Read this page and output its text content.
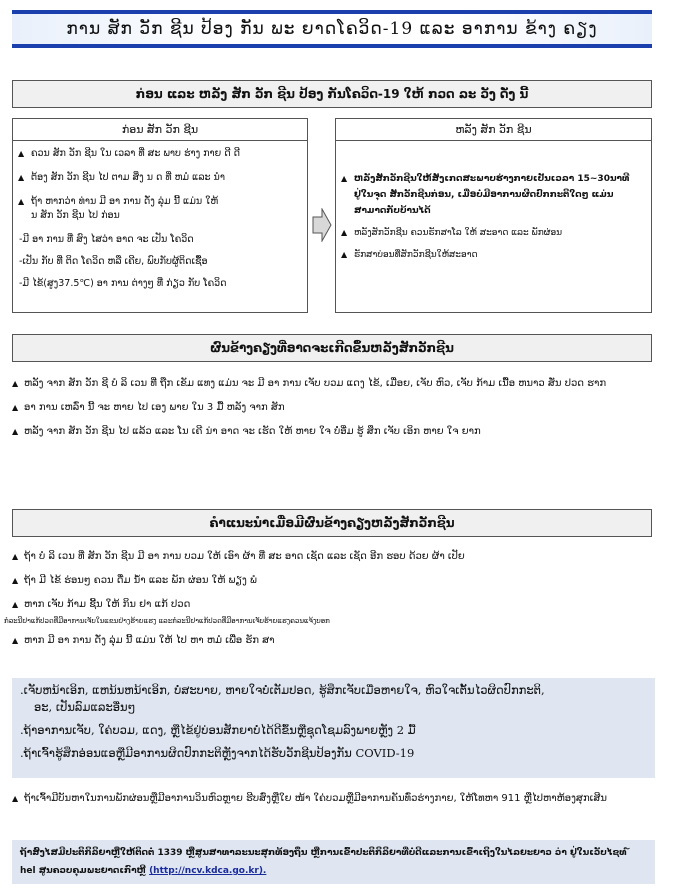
ການ ສັກ ວັກ ຊີນ ປ້ອງ ກັນ ພະ ຍາດໂຄວິດ-19 ແລະ ອາການ ຂ້າງ ຄຽງ
ກ່ອນ ແລະ ຫລັງ ສັກ ວັກ ຊີນ ປ້ອງ ກັນໂຄວິດ-19 ໃຫ້ ກວດ ລະ ວັງ ດັ່ງ ນີ້
ກ່ອນ ສັກ ວັກ ຊີນ
▲ ຄວນ ສັກ ວັກ ຊີນ ໃນ ເວລາ ທີ່ ສະ ພາບ ຮ່າງ ກາຍ ດີ ດີ
▲ ຕ້ອງ ສັກ ວັກ ຊີນ ໄປ ຕາມ ສິ່ງ ນ ດ ທີ່ ຫມໍ ແລະ ນຳ
▲ ຖ້າ ຫາກວ່າ ທ່ານ ມີ ອາ ການ ດັ່ງ ລຸ່ມ ນີ້ ແມ່ນ ໃຫ້
ນ ສັກ ວັກ ຊີນ ໄປ ກ່ອນ
-ມີ ອາ ການ ທີ່ ສົງ ໄສວ່າ ອາດ ຈະ ເປັນ ໂຄວິດ
-ເປັນ ກັບ ທີ່ ຕິດ ໂຄວິດ ຫລື ເຄີຍ, ພົບກັບຜູ້ຕິດເຊື້ອ
-ມີ ໄຂ້(ສູງ37.5℃) ອາ ການ ຕ່າງໆ ທີ່ ກ່ຽວ ກັບ ໂຄວິດ
ຫລັງ ສັກ ວັກ ຊີນ
▲ ຫລັງສັກວັກຊີນໃຫ້ສັງເກດສະພາບຮ່າງກາຍເປັນເວລາ 15~30ນາທີຢູ່ໃນຈຸດ ສັກວັກຊີນກ່ອນ, ເມື່ອບໍ່ມີອາການຜິດປົກກະຕິໃດໆ ແມ່ນສາມາດກັບບ້ານໄດ້
▲ ຫລັງສັກວັກຊີນ ຄວນຮັກສາໂລ ໃຫ້ ສະອາດ ແລະ ພັກຜ່ອນ
▲ ຮັກສາບ່ອນທີ່ສັກວັກຊີນໃຫ້ສະອາດ
ຜົນຂ້າງຄຽງທີ່ອາດຈະເກີດຂຶ້ນຫລັງສັກວັກຊີນ
▲ ຫລັງ ຈາກ ສັກ ວັກ ຊີ ບໍ ລິ ເວນ ທີ່ ຖືກ ເຂັມ ແທງ ແມ່ນ ຈະ ມີ ອາ ການ ເຈັບ ບວມ ແດງ ໄຂ້, ເມື່ອຍ, ເຈັບ ຫົວ, ເຈັບ ກ້າມ ເນື້ອ ຫນາວ ສັ່ນ ປວດ ຮາກ
▲ ອາ ການ ເຫລົ່າ ນີ້ ຈະ ຫາຍ ໄປ ເອງ ພາຍ ໃນ 3 ມື້ ຫລັງ ຈາກ ສັກ
▲ ຫລັງ ຈາກ ສັກ ວັກ ຊີນ ໄປ ແລ້ວ ແລະ ໂນ ເຄີ ນ່າ ອາດ ຈະ ເຮັດ ໃຫ້ ຫາຍ ໃຈ ບໍ່ອີ່ມ ຮູ້ ສຶກ ເຈັບ ເອິກ ຫາຍ ໃຈ ຍາກ
ຄຳແນະນຳເມື່ອມີຜົນຂ້າງຄຽງຫລັງສັກວັກຊີນ
▲ ຖ້າ ບໍ ລິ ເວນ ທີ່ ສັກ ວັກ ຊີນ ມີ ອາ ການ ບວມ ໃຫ້ ເອົາ ຜ້າ ທີ່ ສະ ອາດ ເຊັດ ແລະ ເຊັດ ອີກ ຮອບ ດ້ວຍ ຜ້າ ເປັຍ
▲ ຖ້າ ມີ ໄຂ້ ຮ່ອນໆ ຄວນ ດື່ມ ນ້ຳ ແລະ ພັກ ຜ່ອນ ໃຫ້ ພຽງ ພໍ
▲ ຫາກ ເຈັບ ກ້າມ ຊີ້ນ ໃຫ້ ກິນ ຢາ ແກ້ ປວດ
ກໍລະນີຢາແກ້ປວດທີ່ມີອາການເຈັບໃນແຂນຢ່າງຮ້າຍແຮງ ແລະກໍລະນີຢາແກ້ປວດທີ່ມີອາການເຈັບຮ້າຍແຮງຄວນແຈ້ງບອກ
▲ ຫາກ ມີ ອາ ການ ດັ່ງ ລຸ່ມ ນີ້ ແມ່ນ ໃຫ້ ໄປ ຫາ ຫມໍ ເພື່ອ ຮັກ ສາ
.ເຈັບຫນ້າເອິກ, ແຫນ້ນຫນ້າເອິກ, ບໍ່ສະບາຍ, ຫາຍໃຈບໍ່ເຕັມປອດ, ຮູ້ສຶກເຈັບເມື່ອຫາຍໃຈ, ຫົວໃຈເຕັ້ນໄວຜິດປົກກະຕິ,
ອະ, ເປັນລົມແລະອື່ນໆ
.ຖ້າອາການເຈັບ, ໃຄ່ບວມ, ແດງ, ຫຼືໄຂ້ຢູ່ບ່ອນສັກຍາບໍ່ໄດ້ດີຂຶ້ນຫຼືຊຸດໂຊມລົງພາຍຫຼັງ 2 ມື້
.ຖ້າເຈົ້າຮູ້ສຶກອ່ອນແອຫຼືມີອາການຜິດປົກກະຕິຫຼັງຈາກໄດ້ຮັບວັກຊີນປ້ອງກັນ COVID-19
▲ ຖ້າເຈົ້າມີບັນຫາໃນການພັກຜ່ອນຫຼືມີອາການວິນຫົວຫຼາຍ ຮີບສົ່ງຫຼືໃຍ ໜ້າ ໃຄ່ບວມຫຼືມີອາການຄັນທົ່ວຮ່າງກາຍ, ໃຫ້ໂທຫາ 911 ຫຼືໄປຫາຫ້ອງສຸກເສີນ
ຖ້າສົງໄສມີປະຕິກິລິຍາຫຼືໃຫ້ຕິດຕໍ່ 1339 ຫຼືສູນສາທາລະນະສຸກທ້ອງຖິ່ນ ຫຼືການເຂົ້າປະຕິກິລິຍາທີ່ບໍ່ດີແລະການເຂົ້າເຖິງໃນໄລຍະຍາວ ວ່າ ຢູ່ໃນເວັບໄຊທ ໌ hel ສູນຄວບຄຸມພະຍາດເກົາຫຼີ (http://ncv.kdca.go.kr).
